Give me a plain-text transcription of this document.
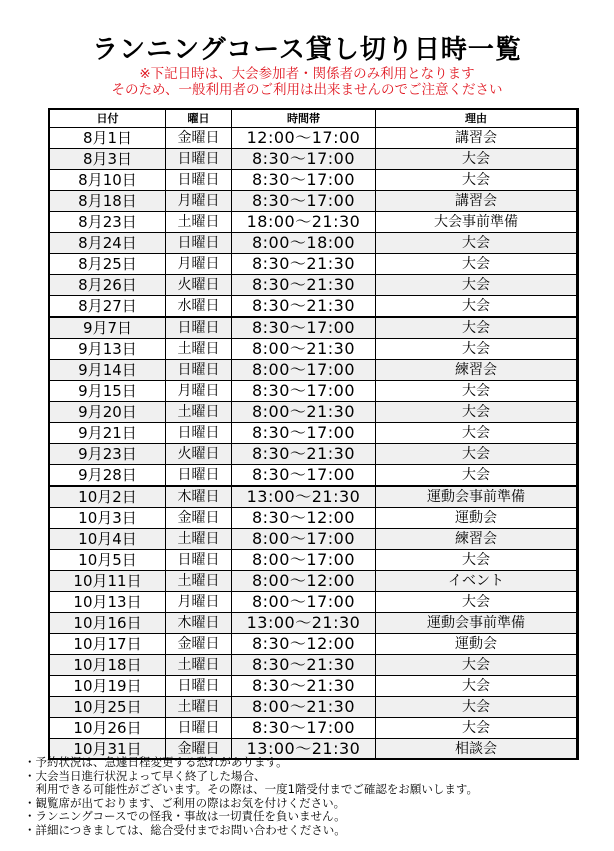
ランニングコース貸し切り日時一覧
※下記日時は、大会参加者・関係者のみ利用となります
そのため、一般利用者のご利用は出来ませんのでご注意ください
日付	曜日	時間帯	理由
8月1日	金曜日	12:00〜17:00	講習会
8月3日	日曜日	8:30〜17:00	大会
8月10日	日曜日	8:30〜17:00	大会
8月18日	月曜日	8:30〜17:00	講習会
8月23日	土曜日	18:00〜21:30	大会事前準備
8月24日	日曜日	8:00〜18:00	大会
8月25日	月曜日	8:30〜21:30	大会
8月26日	火曜日	8:30〜21:30	大会
8月27日	水曜日	8:30〜21:30	大会
9月7日	日曜日	8:30〜17:00	大会
9月13日	土曜日	8:00〜21:30	大会
9月14日	日曜日	8:00〜17:00	練習会
9月15日	月曜日	8:30〜17:00	大会
9月20日	土曜日	8:00〜21:30	大会
9月21日	日曜日	8:30〜17:00	大会
9月23日	火曜日	8:30〜21:30	大会
9月28日	日曜日	8:30〜17:00	大会
10月2日	木曜日	13:00〜21:30	運動会事前準備
10月3日	金曜日	8:30〜12:00	運動会
10月4日	土曜日	8:00〜17:00	練習会
10月5日	日曜日	8:00〜17:00	大会
10月11日	土曜日	8:00〜12:00	イベント
10月13日	月曜日	8:00〜17:00	大会
10月16日	木曜日	13:00〜21:30	運動会事前準備
10月17日	金曜日	8:30〜12:00	運動会
10月18日	土曜日	8:30〜21:30	大会
10月19日	日曜日	8:30〜21:30	大会
10月25日	土曜日	8:00〜21:30	大会
10月26日	日曜日	8:30〜17:00	大会
10月31日	金曜日	13:00〜21:30	相談会
・予約状況は、急遽日程変更する恐れがあります。
・大会当日進行状況よって早く終了した場合、
　利用できる可能性がございます。その際は、一度1階受付までご確認をお願いします。
・観覧席が出ております、ご利用の際はお気を付けください。
・ランニングコースでの怪我・事故は一切責任を負いません。
・詳細につきましては、総合受付までお問い合わせください。
